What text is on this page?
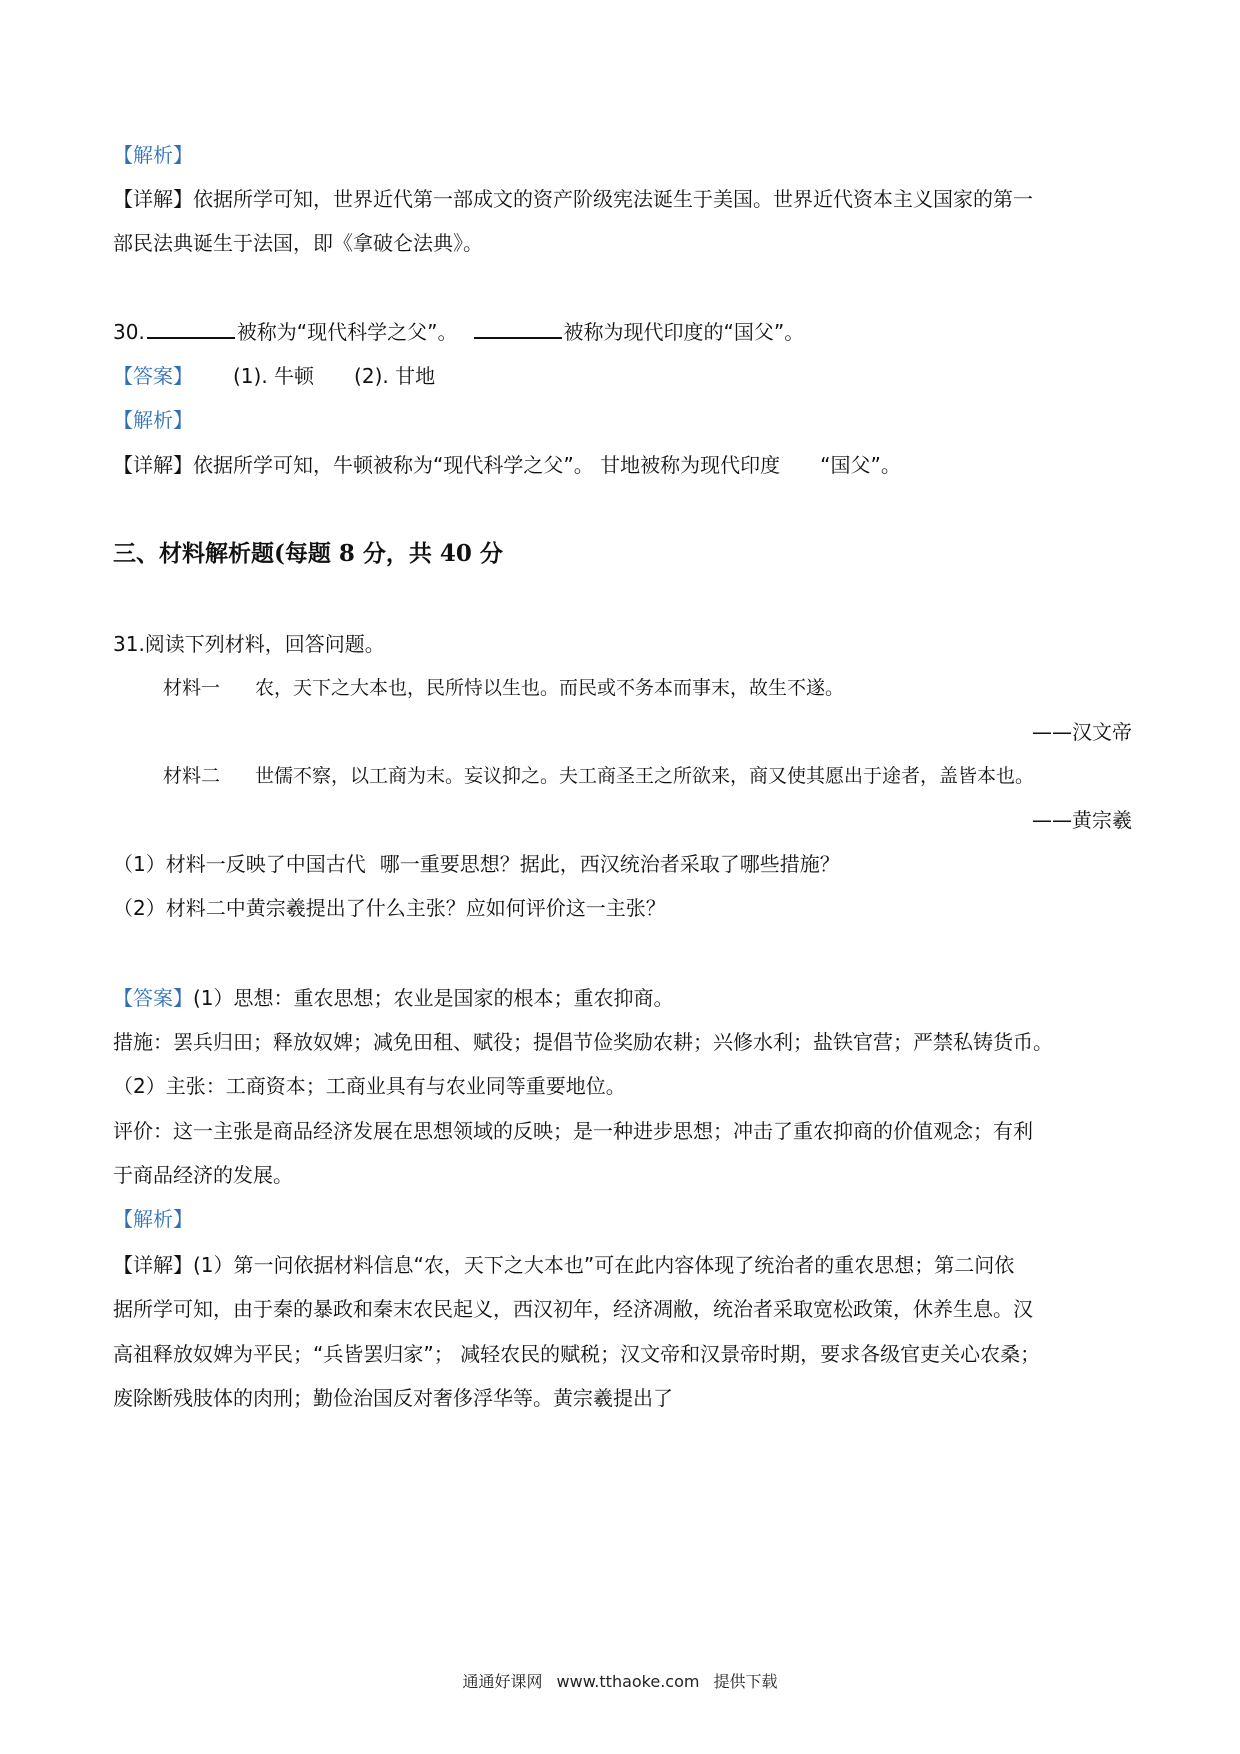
【解析】
【详解】依据所学可知，世界近代第一部成文的资产阶级宪法诞生于美国。世界近代资本主义国家的第一
部民法典诞生于法国，即《拿破仑法典》。
30.	被称为“现代科学之父”。	被称为现代印度的“国父”。
【答案】 (1). 牛顿 (2). 甘地
【解析】
【详解】依据所学可知，牛顿被称为“现代科学之父”。 甘地被称为现代印度 “国父”。
三、材料解析题(每题 8 分，共 40 分
31.阅读下列材料，回答问题。
材料一 农，天下之大本也，民所恃以生也。而民或不务本而事末，故生不遂。
——汉文帝
材料二 世儒不察，以工商为末。妄议抑之。夫工商圣王之所欲来，商又使其愿出于途者，盖皆本也。
——黄宗羲
（1）材料一反映了中国古代 哪一重要思想？据此，西汉统治者采取了哪些措施？
（2）材料二中黄宗羲提出了什么主张？应如何评价这一主张？
【答案】(1）思想：重农思想；农业是国家的根本；重农抑商。
措施：罢兵归田；释放奴婢；减免田租、赋役；提倡节俭奖励农耕；兴修水利；盐铁官营；严禁私铸货币。
（2）主张：工商资本；工商业具有与农业同等重要地位。
评价：这一主张是商品经济发展在思想领域的反映；是一种进步思想；冲击了重农抑商的价值观念；有利
于商品经济的发展。
【解析】
【详解】(1）第一问依据材料信息“农，天下之大本也”可在此内容体现了统治者的重农思想；第二问依
据所学可知，由于秦的暴政和秦末农民起义，西汉初年，经济凋敝，统治者采取宽松政策，休养生息。汉
高祖释放奴婢为平民；“兵皆罢归家”； 减轻农民的赋税；汉文帝和汉景帝时期，要求各级官吏关心农桑；
废除断残肢体的肉刑；勤俭治国反对奢侈浮华等。黄宗羲提出了
通通好课网 www.tthaoke.com 提供下载
